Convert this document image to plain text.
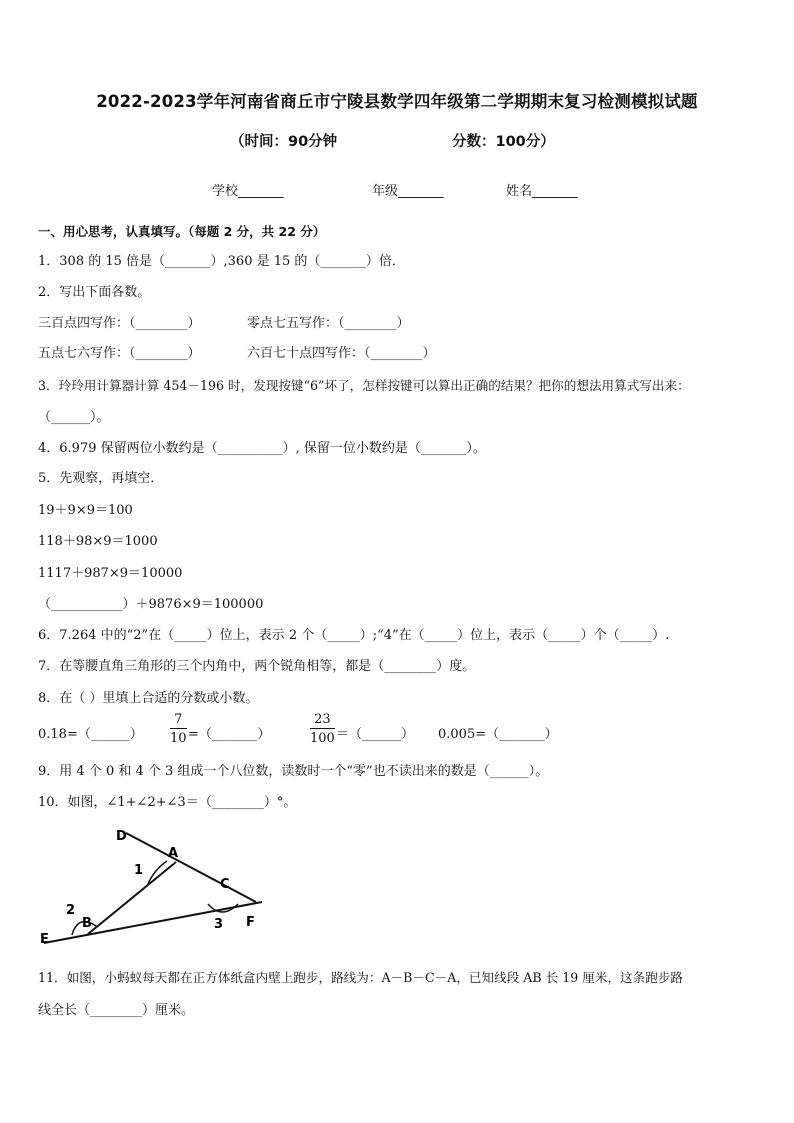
2022-2023学年河南省商丘市宁陵县数学四年级第二学期期末复习检测模拟试题
（时间：90分钟	分数：100分）
学校_______	年级_______	姓名_______
一、用心思考，认真填写。（每题 2 分，共 22 分）
1．308 的 15 倍是（_______）,360 是 15 的（_______）倍．
2．写出下面各数。
三百点四写作：（________）	零点七五写作：（________）
五点七六写作：（________）	六百七十点四写作：（________）
3．玲玲用计算器计算 454－196 时，发现按键“6”坏了，怎样按键可以算出正确的结果？把你的想法用算式写出来：
（______）。
4．6.979 保留两位小数约是（__________）, 保留一位小数约是（_______）。
5．先观察，再填空．
19＋9×9＝100
118＋98×9＝1000
1117＋987×9＝10000
（___________）＋9876×9＝100000
6．7.264 中的“2”在（_____）位上，表示 2 个（_____）;“4”在（_____）位上，表示（_____）个（_____）.
7．在等腰直角三角形的三个内角中，两个锐角相等，都是（________）度。
8．在（ ）里填上合适的分数或小数。
0.18=（______）
7
10 =（_______）
23
100 ＝（______） 0.005=（_______）
9．用 4 个 0 和 4 个 3 组成一个八位数，读数时一个“零”也不读出来的数是（______）。
10．如图，∠1+∠2+∠3＝（________）°。
D
A
C
B
E
F
1
2
3
11．如图，小蚂蚁每天都在正方体纸盒内壁上跑步，路线为：A－B－C－A，已知线段 AB 长 19 厘米，这条跑步路
线全长（________）厘米。
